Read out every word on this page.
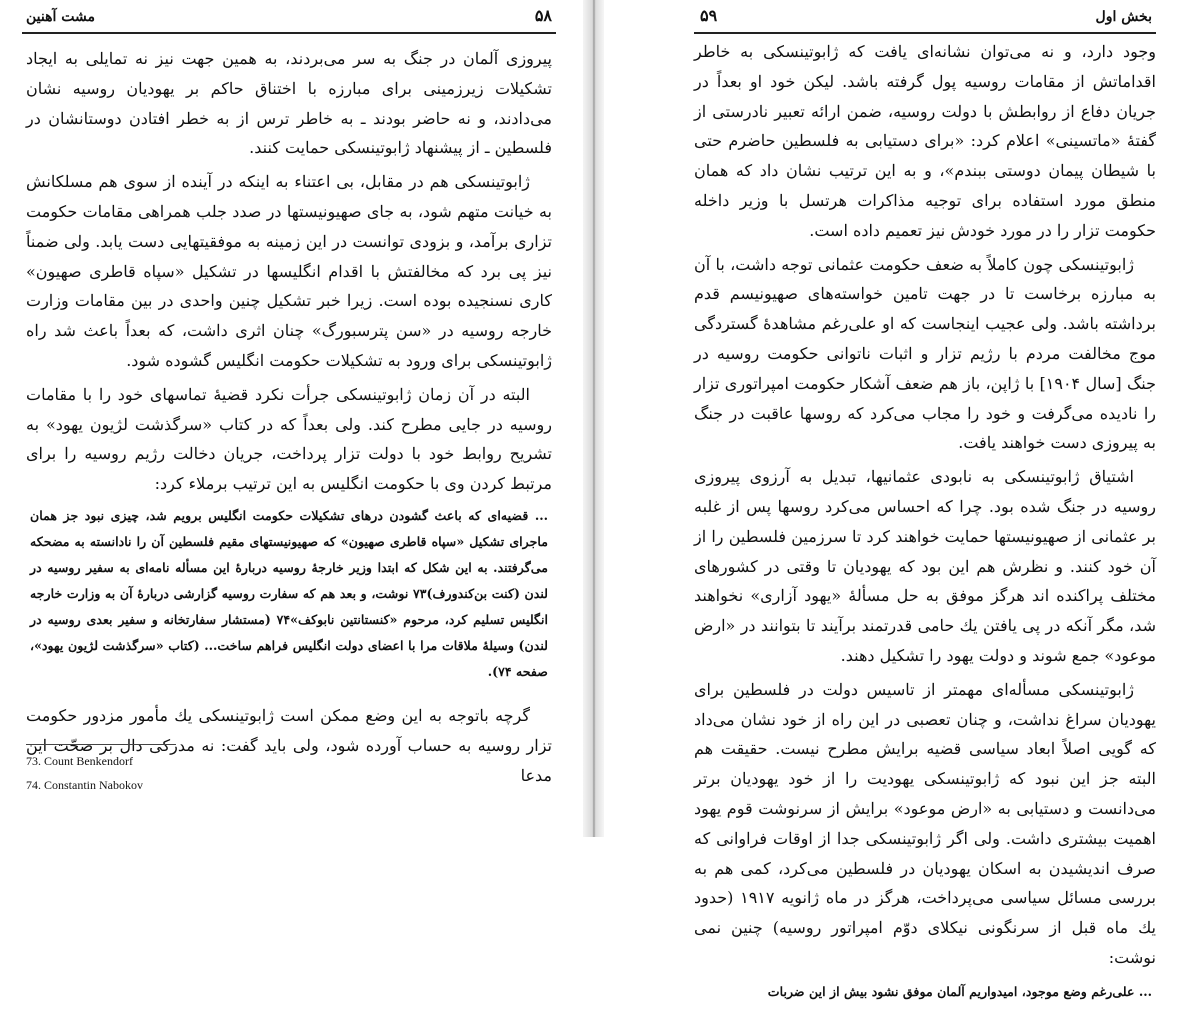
مشت آهنین	۵۸

پیروزی آلمان در جنگ به سر می‌بردند، به همین جهت نیز نه تمایلی به ایجاد تشکیلات زیرزمینی برای مبارزه با اختناق حاکم بر یهودیان روسیه نشان می‌دادند، و نه حاضر بودند ـ به خاطر ترس از به خطر افتادن دوستانشان در فلسطین ـ از پیشنهاد ژابوتینسکی حمایت کنند.

ژابوتینسکی هم در مقابل، بی اعتناء به اینکه در آینده از سوی هم مسلکانش به خیانت متهم شود، به جای صهیونیستها در صدد جلب همراهی مقامات حکومت تزاری برآمد، و بزودی توانست در این زمینه به موفقیتهایی دست یابد. ولی ضمناً نیز پی برد که مخالفتش با اقدام انگلیسها در تشکیل «سپاه قاطری صهیون» کاری نسنجیده بوده است. زیرا خبر تشکیل چنین واحدی در بین مقامات وزارت خارجه روسیه در «سن پترسبورگ» چنان اثری داشت، که بعداً باعث شد راه ژابوتینسکی برای ورود به تشکیلات حکومت انگلیس گشوده شود.

البته در آن زمان ژابوتینسکی جرأت نکرد قضیهٔ تماسهای خود را با مقامات روسیه در جایی مطرح کند. ولی بعداً که در کتاب «سرگذشت لژیون یهود» به تشریح روابط خود با دولت تزار پرداخت، جریان دخالت رژیم روسیه را برای مرتبط کردن وی با حکومت انگلیس به این ترتیب برملاء کرد:

... قضیه‌ای که باعث گشودن درهای تشکیلات حکومت انگلیس برویم شد، چیزی نبود جز همان ماجرای تشکیل «سپاه قاطری صهیون» که صهیونیستهای مقیم فلسطین آن را نادانسته به مضحکه می‌گرفتند. به این شکل که ابتدا وزیر خارجهٔ روسیه دربارهٔ این مسأله نامه‌ای به سفیر روسیه در لندن (کنت بن‌کندورف)۷۳ نوشت، و بعد هم که سفارت روسیه گزارشی دربارهٔ آن به وزارت خارجه انگلیس تسلیم کرد، مرحوم «کنستانتین نابوکف»۷۴ (مستشار سفارتخانه و سفیر بعدی روسیه در لندن) وسیلهٔ ملاقات مرا با اعضای دولت انگلیس فراهم ساخت... (کتاب «سرگذشت لژیون یهود»، صفحه ۷۴).

گرچه باتوجه به این وضع ممکن است ژابوتینسکی یك مأمور مزدور حکومت تزار روسیه به حساب آورده شود، ولی باید گفت: نه مدرکی دال بر صحّت این مدعا

73. Count Benkendorf
74. Constantin Nabokov
بخش اول
۵۹

وجود دارد، و نه می‌توان نشانه‌ای یافت که ژابوتینسکی به خاطر اقداماتش از مقامات روسیه پول گرفته باشد. لیکن خود او بعداً در جریان دفاع از روابطش با دولت روسیه، ضمن ارائه تعبیر نادرستی از گفتهٔ «ماتسینی» اعلام کرد: «برای دستیابی به فلسطین حاضرم حتی با شیطان پیمان دوستی ببندم»، و به این ترتیب نشان داد که همان منطق مورد استفاده برای توجیه مذاکرات هرتسل با وزیر داخله حکومت تزار را در مورد خودش نیز تعمیم داده است.

ژابوتینسکی چون کاملاً به ضعف حکومت عثمانی توجه داشت، با آن به مبارزه برخاست تا در جهت تامین خواسته‌های صهیونیسم قدم برداشته باشد. ولی عجیب اینجاست که او علی‌رغم مشاهدهٔ گستردگی موج مخالفت مردم با رژیم تزار و اثبات ناتوانی حکومت روسیه در جنگ [سال ۱۹۰۴] با ژاپن، باز هم ضعف آشکار حکومت امپراتوری تزار را نادیده می‌گرفت و خود را مجاب می‌کرد که روسها عاقبت در جنگ به پیروزی دست خواهند یافت.

اشتیاق ژابوتینسکی به نابودی عثمانیها، تبدیل به آرزوی پیروزی روسیه در جنگ شده بود. چرا که احساس می‌کرد روسها پس از غلبه بر عثمانی از صهیونیستها حمایت خواهند کرد تا سرزمین فلسطین را از آن خود کنند. و نظرش هم این بود که یهودیان تا وقتی در کشورهای مختلف پراکنده اند هرگز موفق به حل مسألهٔ «یهود آزاری» نخواهند شد، مگر آنکه در پی یافتن یك حامی قدرتمند برآیند تا بتوانند در «ارض موعود» جمع شوند و دولت یهود را تشکیل دهند.

ژابوتینسکی مسأله‌ای مهمتر از تاسیس دولت در فلسطین برای یهودیان سراغ نداشت، و چنان تعصبی در این راه از خود نشان می‌داد که گویی اصلاً ابعاد سیاسی قضیه برایش مطرح نیست. حقیقت هم البته جز این نبود که ژابوتینسکی یهودیت را از خود یهودیان برتر می‌دانست و دستیابی به «ارض موعود» برایش از سرنوشت قوم یهود اهمیت بیشتری داشت. ولی اگر ژابوتینسکی جدا از اوقات فراوانی که صرف اندیشیدن به اسکان یهودیان در فلسطین می‌کرد، کمی هم به بررسی مسائل سیاسی می‌پرداخت، هرگز در ماه ژانویه ۱۹۱۷ (حدود یك ماه قبل از سرنگونی نیکلای دوّم امپراتور روسیه) چنین نمی نوشت:

... علی‌رغم وضع موجود، امیدواریم آلمان موفق نشود بیش از این ضربات
